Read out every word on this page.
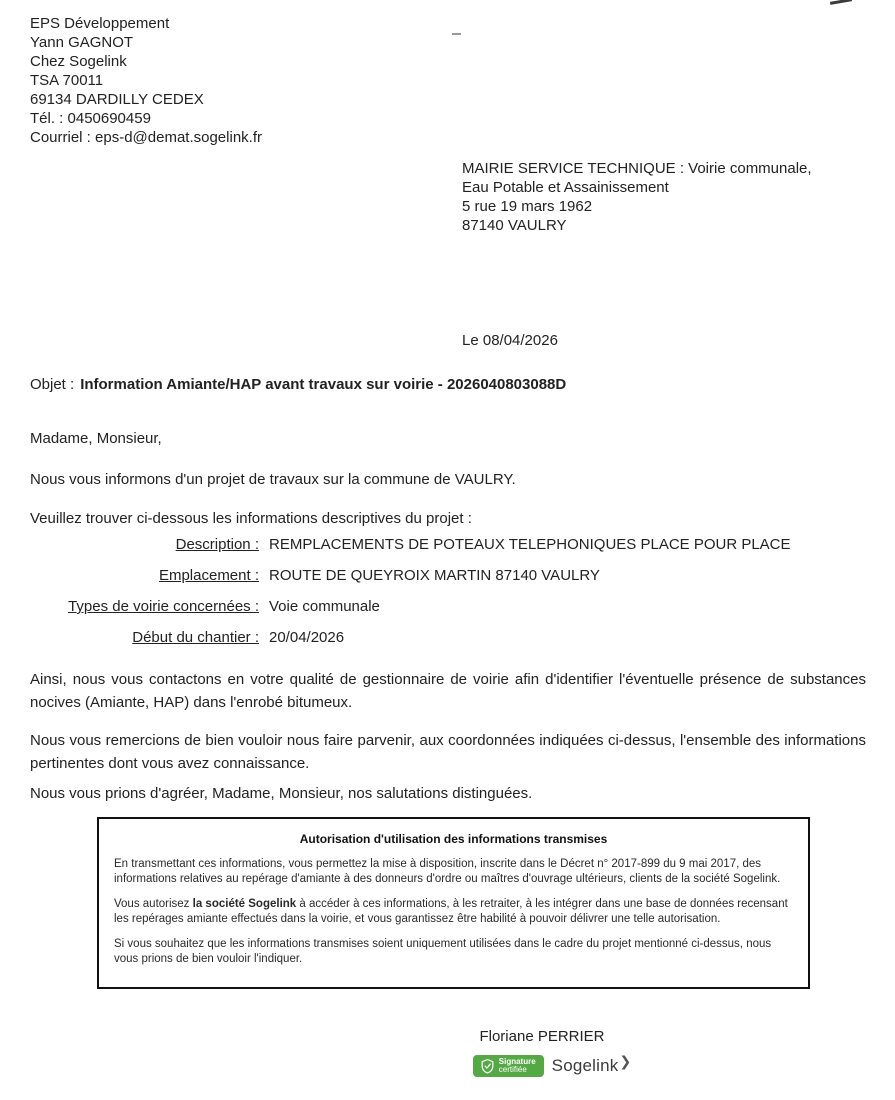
EPS Développement
Yann GAGNOT
Chez Sogelink
TSA 70011
69134 DARDILLY CEDEX
Tél. : 0450690459
Courriel : eps-d@demat.sogelink.fr
MAIRIE SERVICE TECHNIQUE : Voirie communale,
Eau Potable et Assainissement
5 rue 19 mars 1962
87140 VAULRY
Le 08/04/2026
Objet : Information Amiante/HAP avant travaux sur voirie - 2026040803088D
Madame, Monsieur,
Nous vous informons d'un projet de travaux sur la commune de VAULRY.
Veuillez trouver ci-dessous les informations descriptives du projet :
Description : REMPLACEMENTS DE POTEAUX TELEPHONIQUES PLACE POUR PLACE
Emplacement : ROUTE DE QUEYROIX MARTIN 87140 VAULRY
Types de voirie concernées : Voie communale
Début du chantier : 20/04/2026
Ainsi, nous vous contactons en votre qualité de gestionnaire de voirie afin d'identifier l'éventuelle présence de substances nocives (Amiante, HAP) dans l'enrobé bitumeux.
Nous vous remercions de bien vouloir nous faire parvenir, aux coordonnées indiquées ci-dessus, l'ensemble des informations pertinentes dont vous avez connaissance.
Nous vous prions d'agréer, Madame, Monsieur, nos salutations distinguées.
Autorisation d'utilisation des informations transmises
En transmettant ces informations, vous permettez la mise à disposition, inscrite dans le Décret n° 2017-899 du 9 mai 2017, des informations relatives au repérage d'amiante à des donneurs d'ordre ou maîtres d'ouvrage ultérieurs, clients de la société Sogelink.
Vous autorisez la société Sogelink à accéder à ces informations, à les retraiter, à les intégrer dans une base de données recensant les repérages amiante effectués dans la voirie, et vous garantissez être habilité à pouvoir délivrer une telle autorisation.
Si vous souhaitez que les informations transmises soient uniquement utilisées dans le cadre du projet mentionné ci-dessus, nous vous prions de bien vouloir l'indiquer.
Floriane PERRIER
Signature
certifiée	Sogelink❯
